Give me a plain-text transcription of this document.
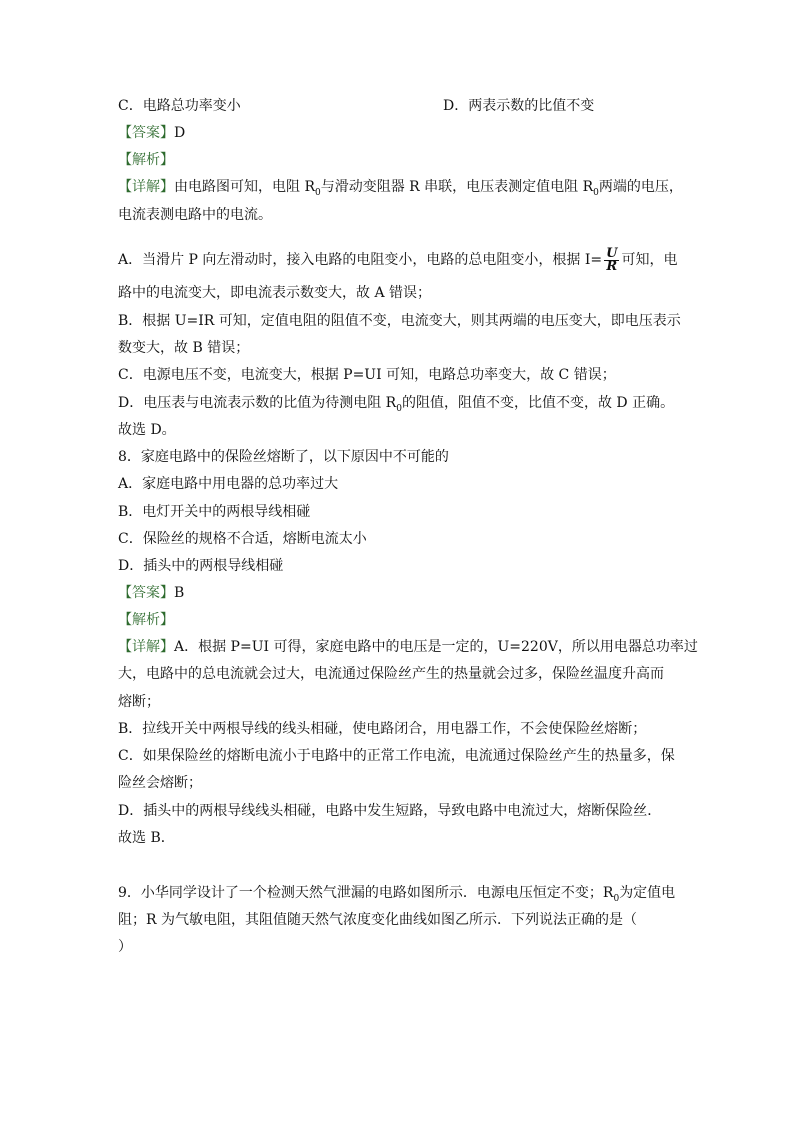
C．电路总功率变小	D．两表示数的比值不变
【答案】D
【解析】
【详解】由电路图可知，电阻 $R_0$与滑动变阻器 R 串联，电压表测定值电阻 $R_0$两端的电压，
电流表测电路中的电流。
A．当滑片 P 向左滑动时，接入电路的电阻变小，电路的总电阻变小，根据 $I= \frac{U}{R}$ 可知，电
路中的电流变大，即电流表示数变大，故 A 错误；
B．根据 U=IR 可知，定值电阻的阻值不变，电流变大，则其两端的电压变大，即电压表示
数变大，故 B 错误；
C．电源电压不变，电流变大，根据 P=UI 可知，电路总功率变大，故 C 错误；
D．电压表与电流表示数的比值为待测电阻 $R_0$的阻值，阻值不变，比值不变，故 D 正确。
故选 D。
8．家庭电路中的保险丝熔断了，以下原因中不可能的
A．家庭电路中用电器的总功率过大
B．电灯开关中的两根导线相碰
C．保险丝的规格不合适，熔断电流太小
D．插头中的两根导线相碰
【答案】B
【解析】
【详解】A．根据 P=UI 可得，家庭电路中的电压是一定的，U=220V，所以用电器总功率过
大，电路中的总电流就会过大，电流通过保险丝产生的热量就会过多，保险丝温度升高而
熔断；
B．拉线开关中两根导线的线头相碰，使电路闭合，用电器工作，不会使保险丝熔断；
C．如果保险丝的熔断电流小于电路中的正常工作电流，电流通过保险丝产生的热量多，保
险丝会熔断；
D．插头中的两根导线线头相碰，电路中发生短路，导致电路中电流过大，熔断保险丝．
故选 B．
9．小华同学设计了一个检测天然气泄漏的电路如图所示．电源电压恒定不变；$R_0$为定值电
阻；R 为气敏电阻，其阻值随天然气浓度变化曲线如图乙所示．下列说法正确的是（
）
